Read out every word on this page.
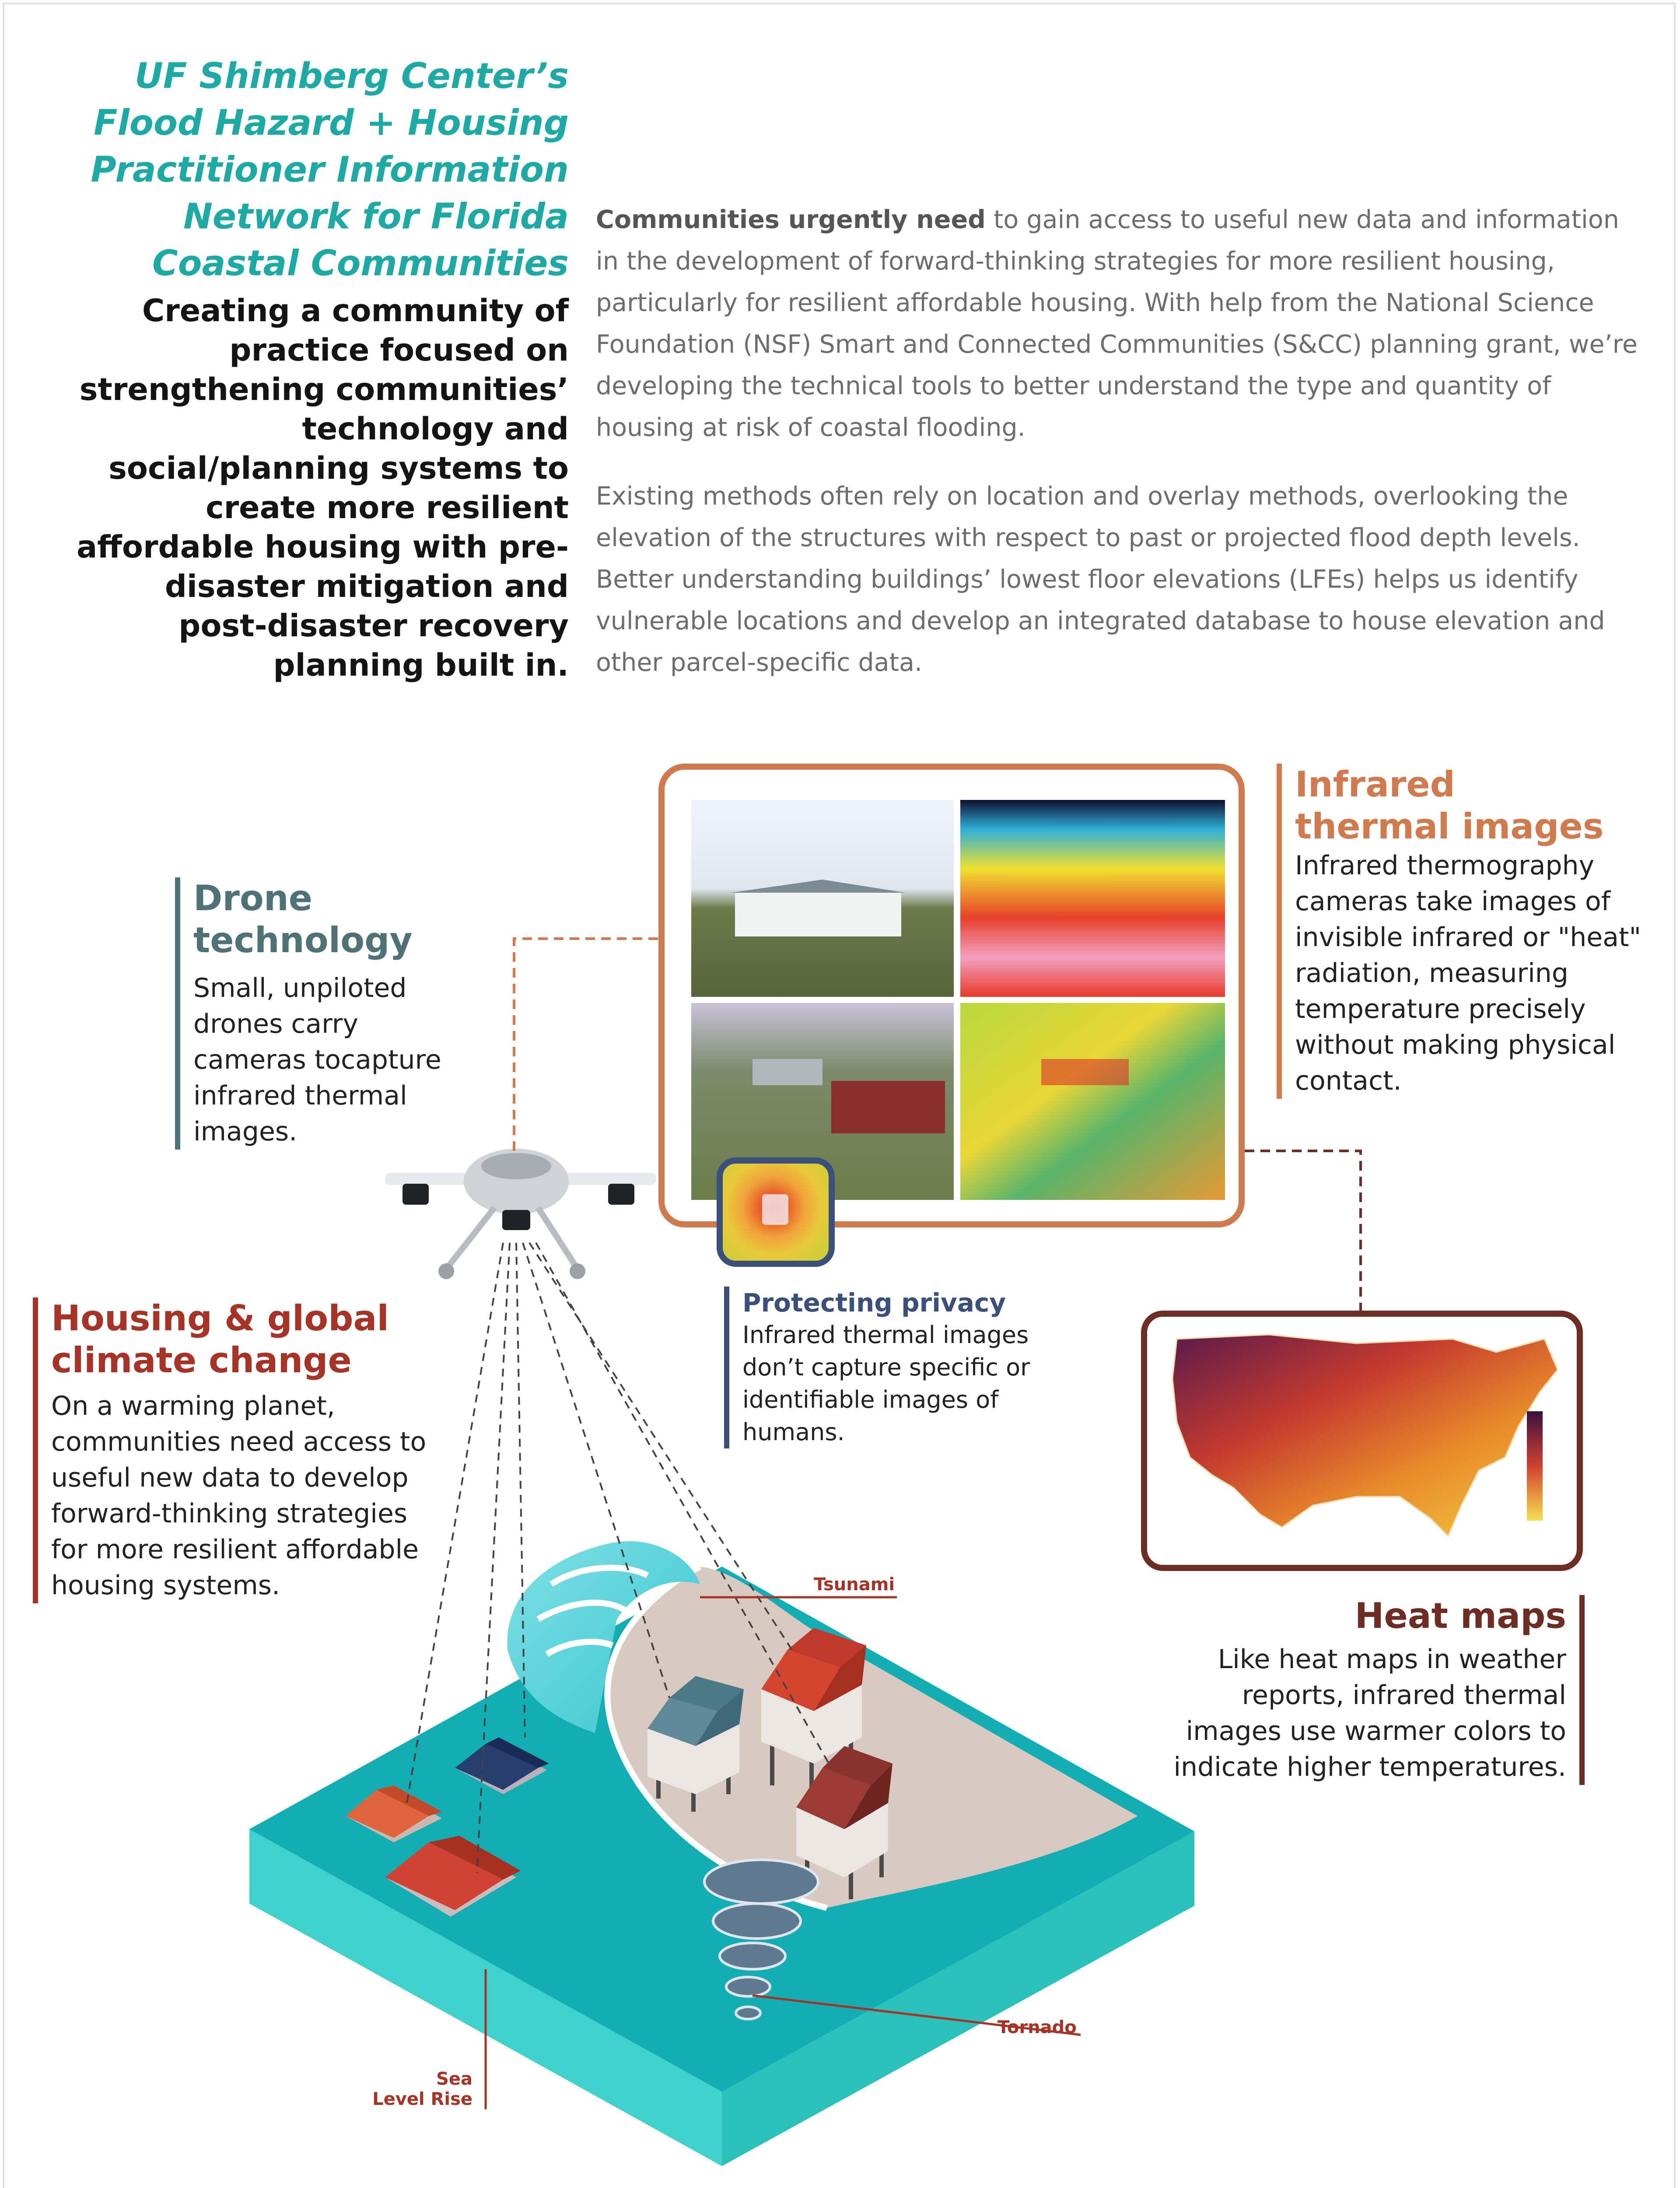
UF Shimberg Center’s
Flood Hazard + Housing
Practitioner Information
Network for Florida
Coastal Communities
Creating a community of
practice focused on
strengthening communities’
technology and
social/planning systems to
create more resilient
affordable housing with pre-
disaster mitigation and
post-disaster recovery
planning built in.

Communities urgently need to gain access to useful new data and information in the development of forward-thinking strategies for more resilient housing, particularly for resilient affordable housing. With help from the National Science Foundation (NSF) Smart and Connected Communities (S&CC) planning grant, we’re developing the technical tools to better understand the type and quantity of housing at risk of coastal flooding.

Existing methods often rely on location and overlay methods, overlooking the elevation of the structures with respect to past or projected flood depth levels. Better understanding buildings’ lowest floor elevations (LFEs) helps us identify vulnerable locations and develop an integrated database to house elevation and other parcel-specific data.

Drone
technology
Small, unpiloted drones carry cameras tocapture infrared thermal images.
Infrared
thermal images
Infrared thermography cameras take images of invisible infrared or "heat" radiation, measuring temperature precisely without making physical contact.
Protecting privacy
Infrared thermal images don’t capture specific or identifiable images of humans.
Housing & global
climate change
On a warming planet, communities need access to useful new data to develop forward-thinking strategies for more resilient affordable housing systems.
Heat maps
Like heat maps in weather reports, infrared thermal images use warmer colors to indicate higher temperatures.
Tsunami
Tornado
Sea
Level Rise
